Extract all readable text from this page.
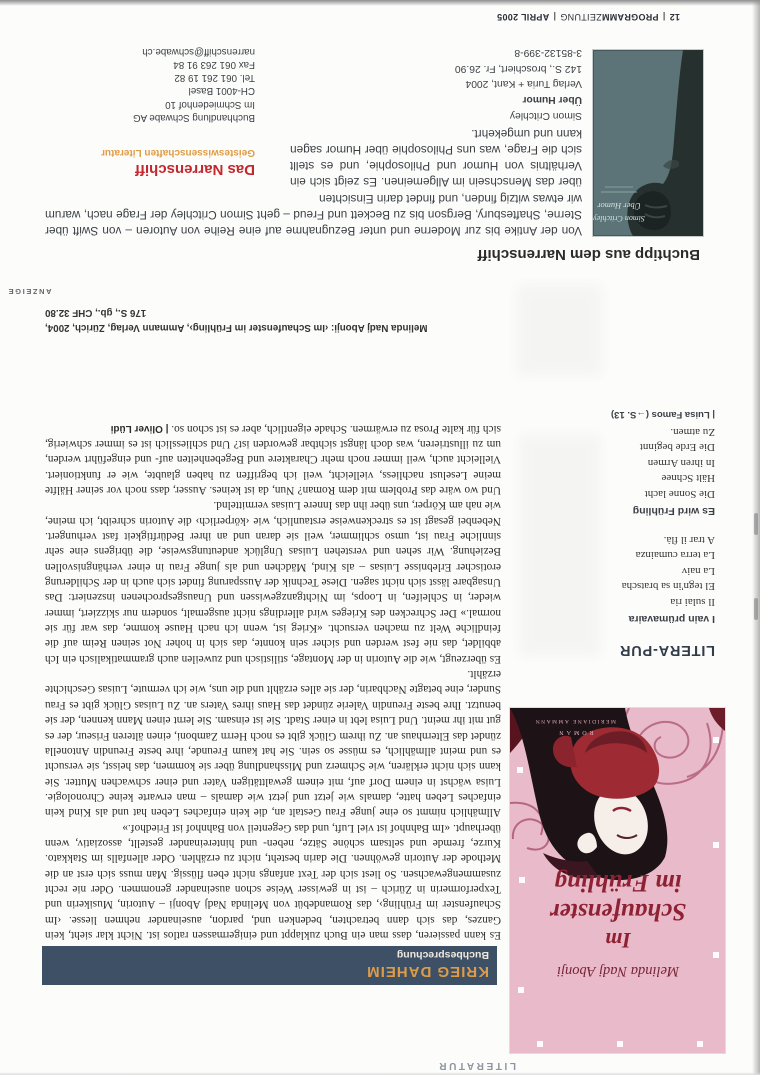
LITERATUR
Melinda Nadj Abonji
Im
Schaufenster
im Frühling
ROMAN
MERIDIANE AMMANN
LITERA-PUR
I vain prümavaira
Il sulai ria
El tegn'in sa bratscha
La naiv
La terra cumainza
A trar il flà.
Es wird Frühling
Die Sonne lacht
Hält Schnee
In ihren Armen
Die Erde beginnt
Zu atmen.
| Luisa Famos (→S. 13)
KRIEG DAHEIM
Buchbesprechung

Es kann passieren, dass man ein Buch zuklappt und einigermassen ratlos ist. Nicht klar sieht, kein Ganzes, das sich dann betrachten, bedenken und, pardon, auseinander nehmen liesse. ‹Im Schaufenster im Frühling›, das Romandebüt von Melinda Nadj Abonji – Autorin, Musikerin und Texperformerin in Zürich – ist in gewisser Weise schon auseinander genommen. Oder nie recht zusammengewachsen. So liest sich der Text anfangs nicht eben flüssig. Man muss sich erst an die Methode der Autorin gewöhnen. Die darin besteht, nicht zu erzählen. Oder allenfalls im Stakkato. Kurze, fremde und seltsam schöne Sätze, neben- und hintereinander gestellt, assoziativ, wenn überhaupt. «Im Bahnhof ist viel Luft, und das Gegenteil von Bahnhof ist Friedhof.»

Allmählich nimmt so eine junge Frau Gestalt an, die kein einfaches Leben hat und als Kind kein einfaches Leben hatte, damals wie jetzt und jetzt wie damals – man erwarte keine Chronologie. Luisa wächst in einem Dorf auf, mit einem gewalttätigen Vater und einer schwachen Mutter. Sie kann sich nicht erklären, wie Schmerz und Misshandlung über sie kommen, das heisst, sie versucht es und meint allmählich, es müsse so sein. Sie hat kaum Freunde, ihre beste Freundin Antonella zündet das Elternhaus an. Zu ihrem Glück gibt es noch Herrn Zamboni, einen älteren Friseur, der es gut mit ihr meint. Und Luisa lebt in einer Stadt. Sie ist einsam. Sie lernt einen Mann kennen, der sie benutzt. Ihre beste Freundin Valerie zündet das Haus ihres Vaters an. Zu Luisas Glück gibt es Frau Sunder, eine betagte Nachbarin, der sie alles erzählt und die uns, wie ich vermute, Luisas Geschichte erzählt.

Es überzeugt, wie die Autorin in der Montage, stilistisch und zuweilen auch grammatikalisch ein Ich abbildet, das nie fest werden und sicher sein konnte, das sich in hoher Not seinen Reim auf die feindliche Welt zu machen versucht. «Krieg ist, wenn ich nach Hause komme, das war für sie normal.» Der Schrecken des Krieges wird allerdings nicht ausgemalt, sondern nur skizziert, immer wieder, in Schleifen, in Loops, im Nichtganzgewissen und Unausgesprochenen inszeniert: Das Unsagbare lässt sich nicht sagen. Diese Technik der Aussparung findet sich auch in der Schilderung erotischer Erlebnisse Luisas – als Kind, Mädchen und als junge Frau in einer verhängnisvollen Beziehung. Wir sehen und verstehen Luisas Unglück andeutungsweise, die übrigens eine sehr sinnliche Frau ist, umso schlimmer, weil sie daran und an ihrer Bedürftigkeit fast verhungert. Nebenbei gesagt ist es streckenweise erstaunlich, wie ‹körperlich› die Autorin schreibt, ich meine, wie nah am Körper, uns über ihn das Innere Luisas vermittelnd.

Und wo wäre das Problem mit dem Roman? Nun, da ist keines. Ausser, dass noch vor seiner Hälfte meine Leselust nachliess, vielleicht, weil ich begriffen zu haben glaubte, wie er funktioniert. Vielleicht auch, weil immer noch mehr Charaktere und Begebenheiten auf- und eingeführt werden, um zu illustrieren, was doch längst sichtbar geworden ist? Und schliesslich ist es immer schwierig, sich für kalte Prosa zu erwärmen. Schade eigentlich, aber es ist schon so. | Oliver Lüdi

Melinda Nadj Abonji: ‹Im Schaufenster im Frühling›, Ammann Verlag, Zürich, 2004,
176 S., gb., CHF 32.80
ANZEIGE
Buchtipp aus dem Narrenschiff
Simon Critchley
Über Humor

Von der Antike bis zur Moderne und unter Bezugnahme auf eine Reihe von Autoren – von Swift über Sterne, Shaftesbury, Bergson bis zu Beckett und Freud – geht Simon Critchley der Frage nach, warum wir etwas witzig finden, und findet darin Einsichten

über das Menschsein im Allgemeinen. Es zeigt sich ein Verhältnis von Humor und Philosophie, und es stellt sich die Frage, was uns Philosophie über Humor sagen kann und umgekehrt.

Simon Critchley
Über Humor
Verlag Turia + Kant, 2004
142 S., broschiert, Fr. 26.90
3-85132-399-8
Das Narrenschiff
Geisteswissenschaften Literatur
Buchhandlung Schwabe AG
Im Schmiedenhof 10
CH-4001 Basel
Tel. 061 261 19 82
Fax 061 263 91 84
narrenschiff@schwabe.ch
12|PROGRAMMZEITUNG|APRIL 2005
